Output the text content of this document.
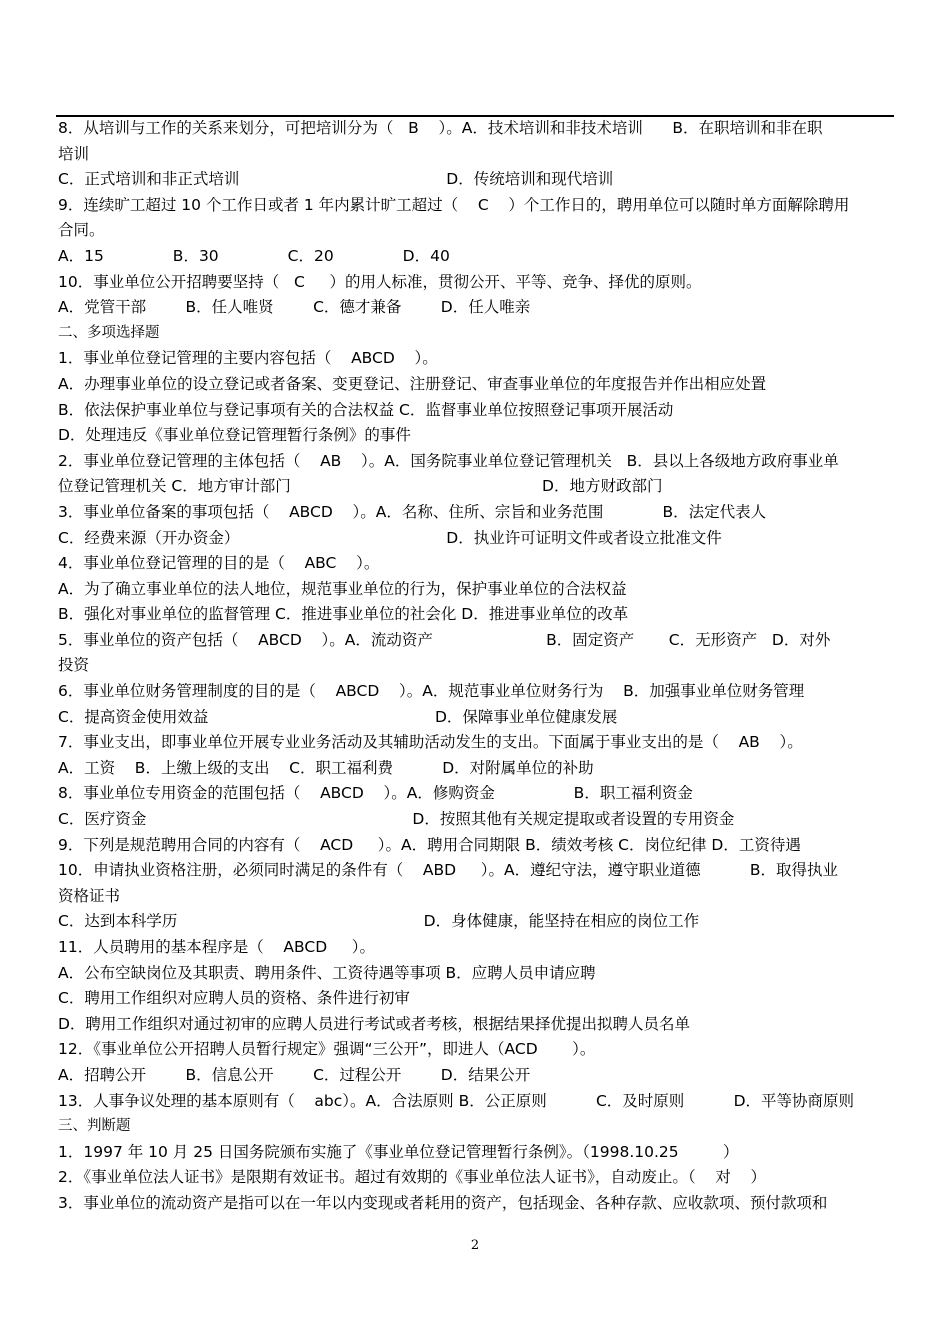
8．从培训与工作的关系来划分，可把培训分为（   B    ）。A．技术培训和非技术培训      B．在职培训和非在职
培训
C．正式培训和非正式培训                                          D．传统培训和现代培训
9．连续旷工超过 10 个工作日或者 1 年内累计旷工超过（    C    ）个工作日的，聘用单位可以随时单方面解除聘用
合同。
A．15              B．30              C．20              D．40
10．事业单位公开招聘要坚持（   C     ）的用人标准，贯彻公开、平等、竞争、择优的原则。
A．党管干部        B．任人唯贤        C．德才兼备        D．任人唯亲
二、多项选择题
1．事业单位登记管理的主要内容包括（    ABCD    ）。
A．办理事业单位的设立登记或者备案、变更登记、注册登记、审查事业单位的年度报告并作出相应处置
B．依法保护事业单位与登记事项有关的合法权益 C．监督事业单位按照登记事项开展活动
D．处理违反《事业单位登记管理暂行条例》的事件
2．事业单位登记管理的主体包括（    AB    ）。A．国务院事业单位登记管理机关   B．县以上各级地方政府事业单
位登记管理机关 C．地方审计部门                                                   D．地方财政部门
3．事业单位备案的事项包括（    ABCD    ）。A．名称、住所、宗旨和业务范围            B．法定代表人
C．经费来源（开办资金）                                          D．执业许可证明文件或者设立批准文件
4．事业单位登记管理的目的是（    ABC    ）。
A．为了确立事业单位的法人地位，规范事业单位的行为，保护事业单位的合法权益
B．强化对事业单位的监督管理 C．推进事业单位的社会化 D．推进事业单位的改革
5．事业单位的资产包括（    ABCD    ）。A．流动资产                       B．固定资产       C．无形资产   D．对外
投资
6．事业单位财务管理制度的目的是（    ABCD    ）。A．规范事业单位财务行为    B．加强事业单位财务管理
C．提高资金使用效益                                              D．保障事业单位健康发展
7．事业支出，即事业单位开展专业业务活动及其辅助活动发生的支出。下面属于事业支出的是（    AB    ）。
A．工资    B．上缴上级的支出    C．职工福利费          D．对附属单位的补助
8．事业单位专用资金的范围包括（    ABCD    ）。A．修购资金                B．职工福利资金
C．医疗资金                                                      D．按照其他有关规定提取或者设置的专用资金
9．下列是规范聘用合同的内容有（    ACD     ）。A．聘用合同期限 B．绩效考核 C．岗位纪律 D．工资待遇
10．申请执业资格注册，必须同时满足的条件有（    ABD     ）。A．遵纪守法，遵守职业道德          B．取得执业
资格证书
C．达到本科学历                                                  D．身体健康，能坚持在相应的岗位工作
11．人员聘用的基本程序是（    ABCD     ）。
A．公布空缺岗位及其职责、聘用条件、工资待遇等事项 B．应聘人员申请应聘
C．聘用工作组织对应聘人员的资格、条件进行初审
D．聘用工作组织对通过初审的应聘人员进行考试或者考核，根据结果择优提出拟聘人员名单
12．《事业单位公开招聘人员暂行规定》强调“三公开”，即进人（ACD       ）。
A．招聘公开        B．信息公开        C．过程公开        D．结果公开
13．人事争议处理的基本原则有（    abc）。A．合法原则 B．公正原则          C．及时原则          D．平等协商原则
三、判断题
1．1997 年 10 月 25 日国务院颁布实施了《事业单位登记管理暂行条例》。（1998.10.25         ）
2．《事业单位法人证书》是限期有效证书。超过有效期的《事业单位法人证书》，自动废止。（    对    ）
3．事业单位的流动资产是指可以在一年以内变现或者耗用的资产，包括现金、各种存款、应收款项、预付款项和
2
